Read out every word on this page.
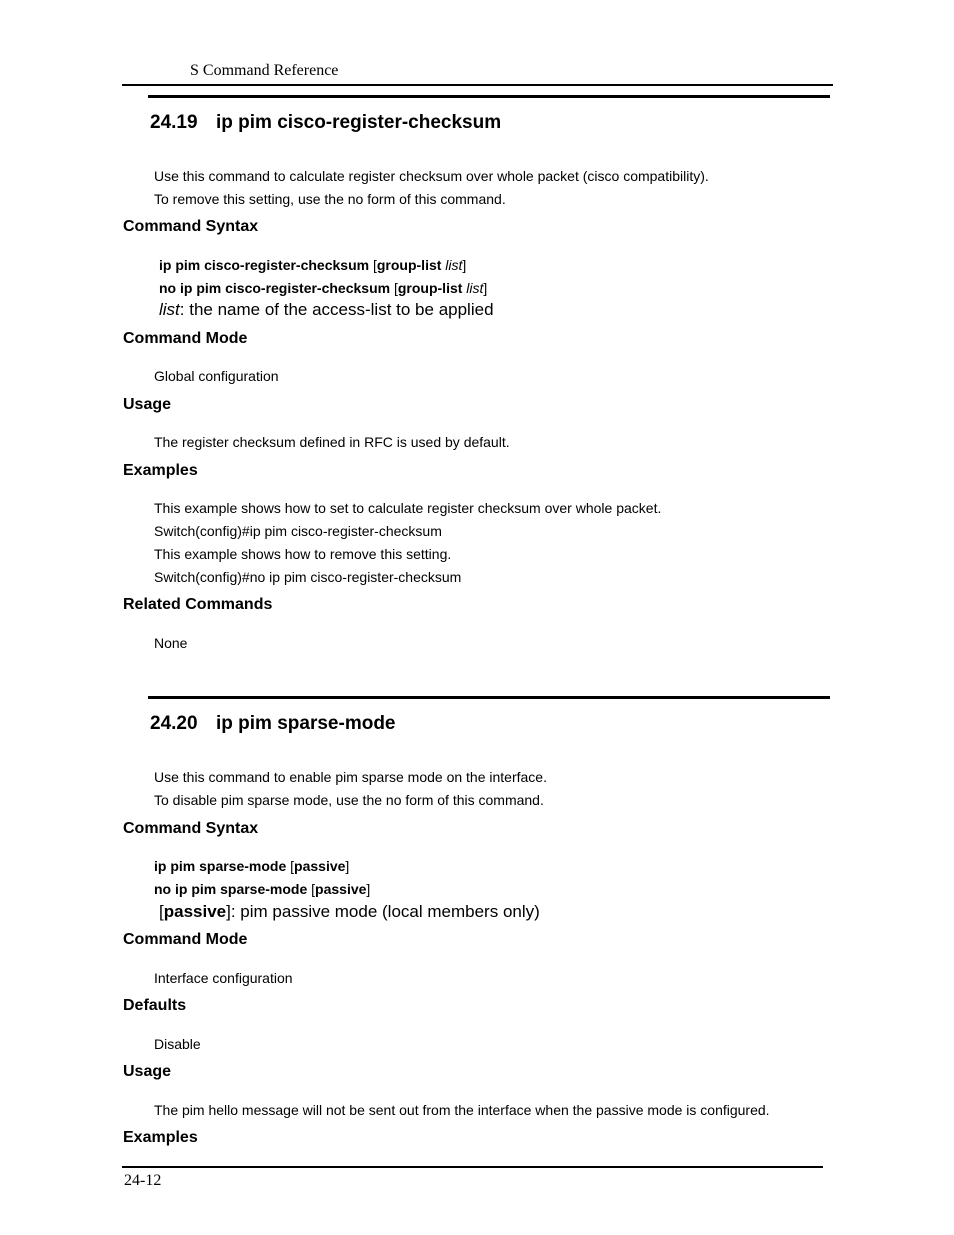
S Command Reference
24.19 ip pim cisco-register-checksum
Use this command to calculate register checksum over whole packet (cisco compatibility).
To remove this setting, use the no form of this command.
Command Syntax
ip pim cisco-register-checksum [group-list list]
no ip pim cisco-register-checksum [group-list list]
list: the name of the access-list to be applied
Command Mode
Global configuration
Usage
The register checksum defined in RFC is used by default.
Examples
This example shows how to set to calculate register checksum over whole packet.
Switch(config)#ip pim cisco-register-checksum
This example shows how to remove this setting.
Switch(config)#no ip pim cisco-register-checksum
Related Commands
None
24.20 ip pim sparse-mode
Use this command to enable pim sparse mode on the interface.
To disable pim sparse mode, use the no form of this command.
Command Syntax
ip pim sparse-mode [passive]
no ip pim sparse-mode [passive]
[passive]: pim passive mode (local members only)
Command Mode
Interface configuration
Defaults
Disable
Usage
The pim hello message will not be sent out from the interface when the passive mode is configured.
Examples
24-12
